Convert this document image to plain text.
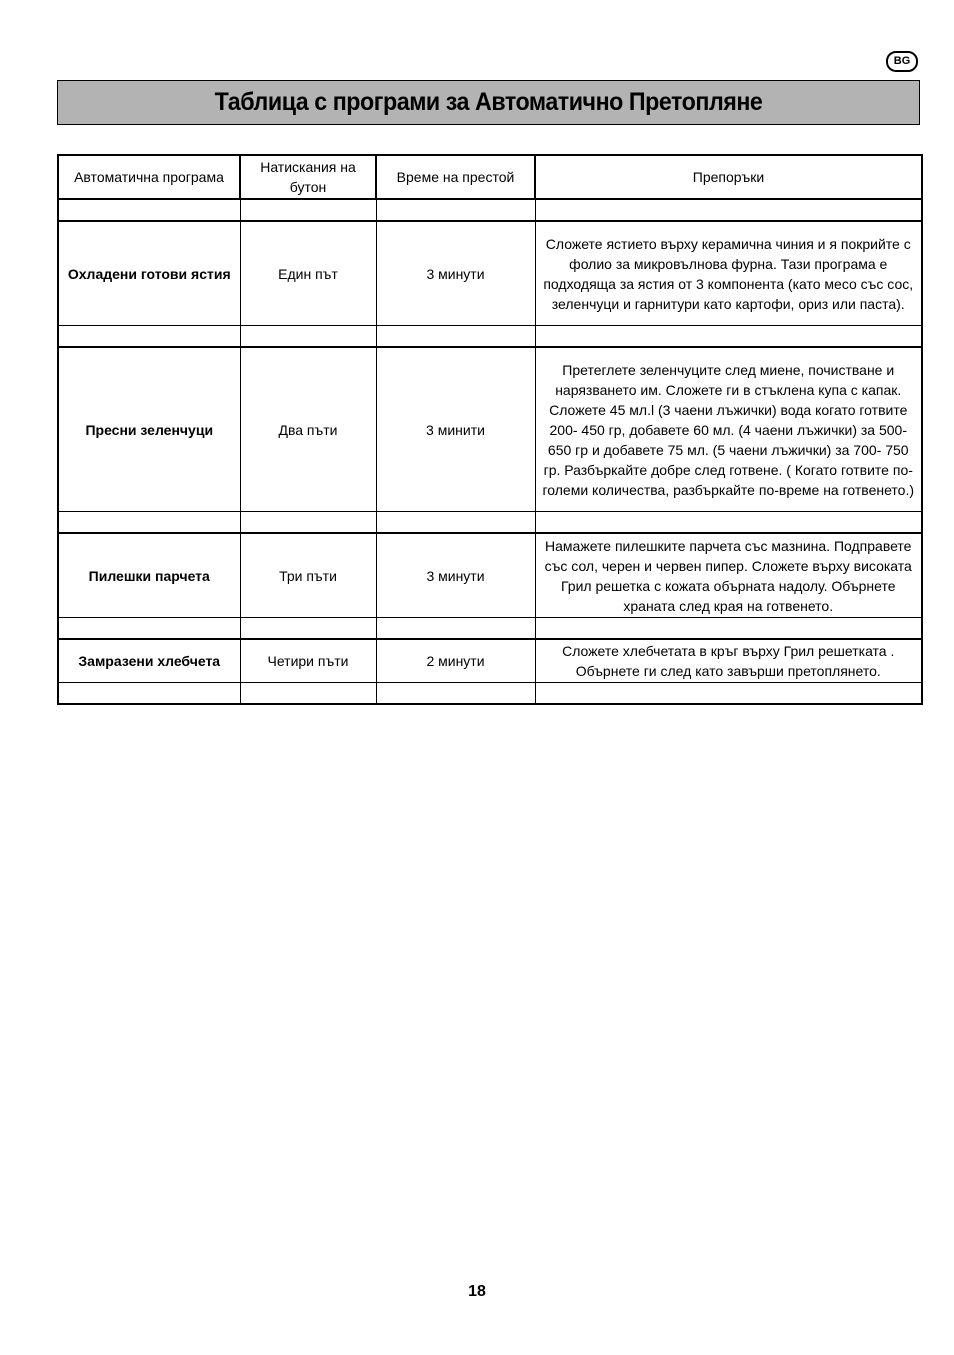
BG
Таблица с програми за Автоматично Претопляне
Автоматична програма	Натискания на бутон	Време на престой	Препоръки

Охладени готови ястия	Един път	3 минути	Сложете ястието върху керамична чиния и я покрийте с фолио за микровълнова фурна. Тази програма е подходяща за ястия от 3 компонента (като месо със сос, зеленчуци и гарнитури като картофи, ориз или паста).

Пресни зеленчуци	Два пъти	3 минити	Претеглете зеленчуците след миене, почистване и нарязването им. Сложете ги в стъклена купа с капак. Сложете 45 мл.l (3 чаени лъжички) вода когато готвите 200- 450 гр, добавете 60 мл. (4 чаени лъжички) за 500- 650 гр и добавете 75 мл. (5 чаени лъжички) за 700- 750 гр. Разбъркайте добре след готвене. ( Когато готвите по-големи количества, разбъркайте по-време на готвенето.)

Пилешки парчета	Три пъти	3 минути	Намажете пилешките парчета със мазнина. Подправете със сол, черен и червен пипер. Сложете върху високата Грил решетка с кожата обърната надолу. Обърнете храната след края на готвенето.

Замразени хлебчета	Четири пъти	2 минути	Сложете хлебчетата в кръг върху Грил решетката . Обърнете ги след като завърши претоплянето.

18
